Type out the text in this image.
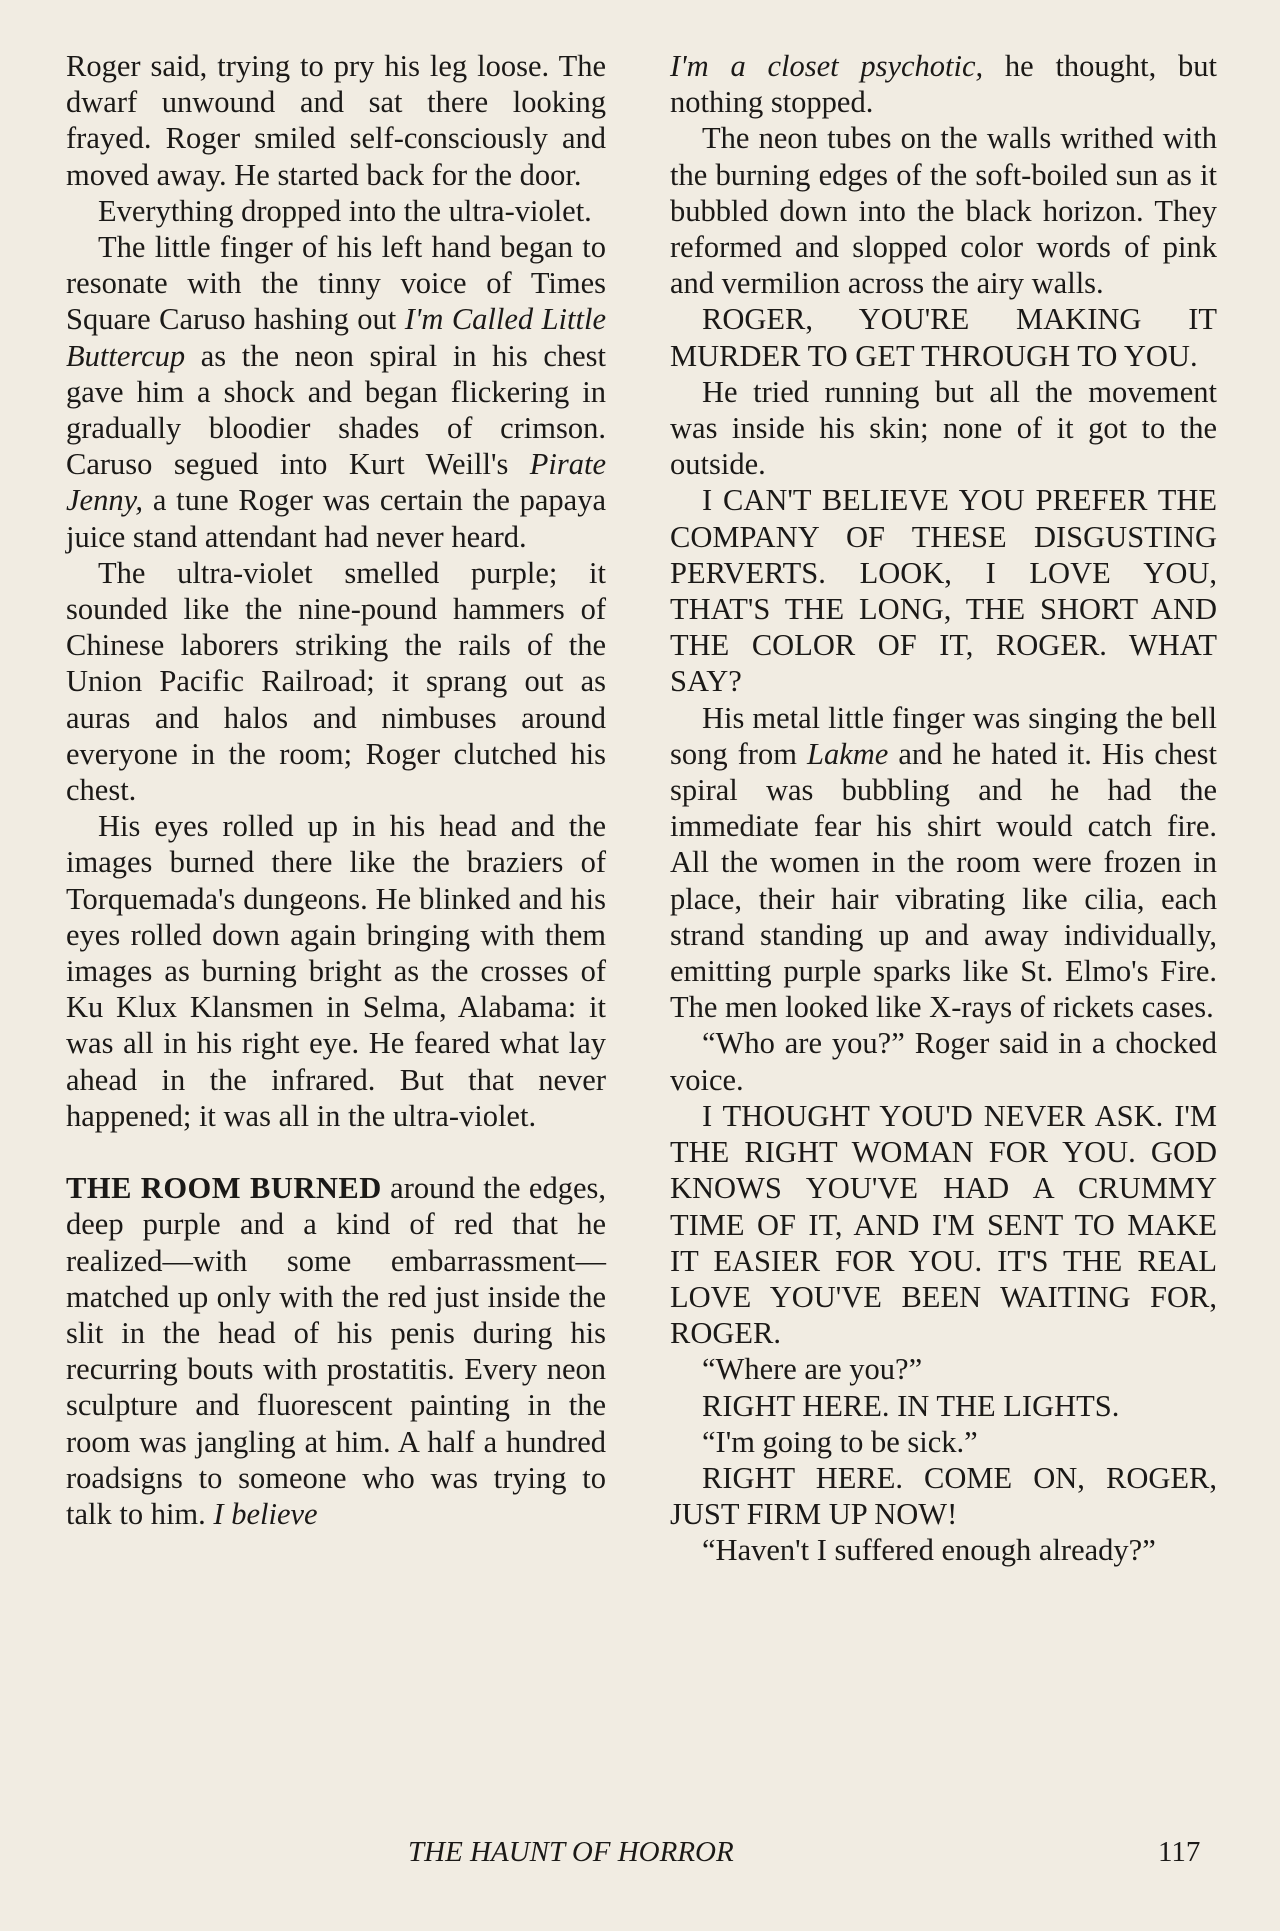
Roger said, trying to pry his leg loose. The dwarf unwound and sat there looking frayed. Roger smiled self-consciously and moved away. He started back for the door.

Everything dropped into the ultra-violet.

The little finger of his left hand began to resonate with the tinny voice of Times Square Caruso hashing out I'm Called Little Buttercup as the neon spiral in his chest gave him a shock and began flickering in gradually bloodier shades of crimson. Caruso segued into Kurt Weill's Pirate Jenny, a tune Roger was certain the papaya juice stand attendant had never heard.

The ultra-violet smelled purple; it sounded like the nine-pound hammers of Chinese laborers striking the rails of the Union Pacific Railroad; it sprang out as auras and halos and nimbuses around everyone in the room; Roger clutched his chest.

His eyes rolled up in his head and the images burned there like the braziers of Torquemada's dungeons. He blinked and his eyes rolled down again bringing with them images as burning bright as the crosses of Ku Klux Klansmen in Selma, Alabama: it was all in his right eye. He feared what lay ahead in the infrared. But that never happened; it was all in the ultra-violet.

THE ROOM BURNED around the edges, deep purple and a kind of red that he realized—with some embarrassment—matched up only with the red just inside the slit in the head of his penis during his recurring bouts with prostatitis. Every neon sculpture and fluorescent painting in the room was jangling at him. A half a hundred roadsigns to someone who was trying to talk to him. I believe

I'm a closet psychotic, he thought, but nothing stopped.

The neon tubes on the walls writhed with the burning edges of the soft-boiled sun as it bubbled down into the black horizon. They reformed and slopped color words of pink and vermilion across the airy walls.

ROGER, YOU'RE MAKING IT MURDER TO GET THROUGH TO YOU.

He tried running but all the movement was inside his skin; none of it got to the outside.

I CAN'T BELIEVE YOU PREFER THE COMPANY OF THESE DISGUSTING PERVERTS. LOOK, I LOVE YOU, THAT'S THE LONG, THE SHORT AND THE COLOR OF IT, ROGER. WHAT SAY?

His metal little finger was singing the bell song from Lakme and he hated it. His chest spiral was bubbling and he had the immediate fear his shirt would catch fire. All the women in the room were frozen in place, their hair vibrating like cilia, each strand standing up and away individually, emitting purple sparks like St. Elmo's Fire. The men looked like X-rays of rickets cases.

“Who are you?” Roger said in a chocked voice.

I THOUGHT YOU'D NEVER ASK. I'M THE RIGHT WOMAN FOR YOU. GOD KNOWS YOU'VE HAD A CRUMMY TIME OF IT, AND I'M SENT TO MAKE IT EASIER FOR YOU. IT'S THE REAL LOVE YOU'VE BEEN WAITING FOR, ROGER.

“Where are you?”

RIGHT HERE. IN THE LIGHTS.

“I'm going to be sick.”

RIGHT HERE. COME ON, ROGER, JUST FIRM UP NOW!

“Haven't I suffered enough already?”

THE HAUNT OF HORROR	117
